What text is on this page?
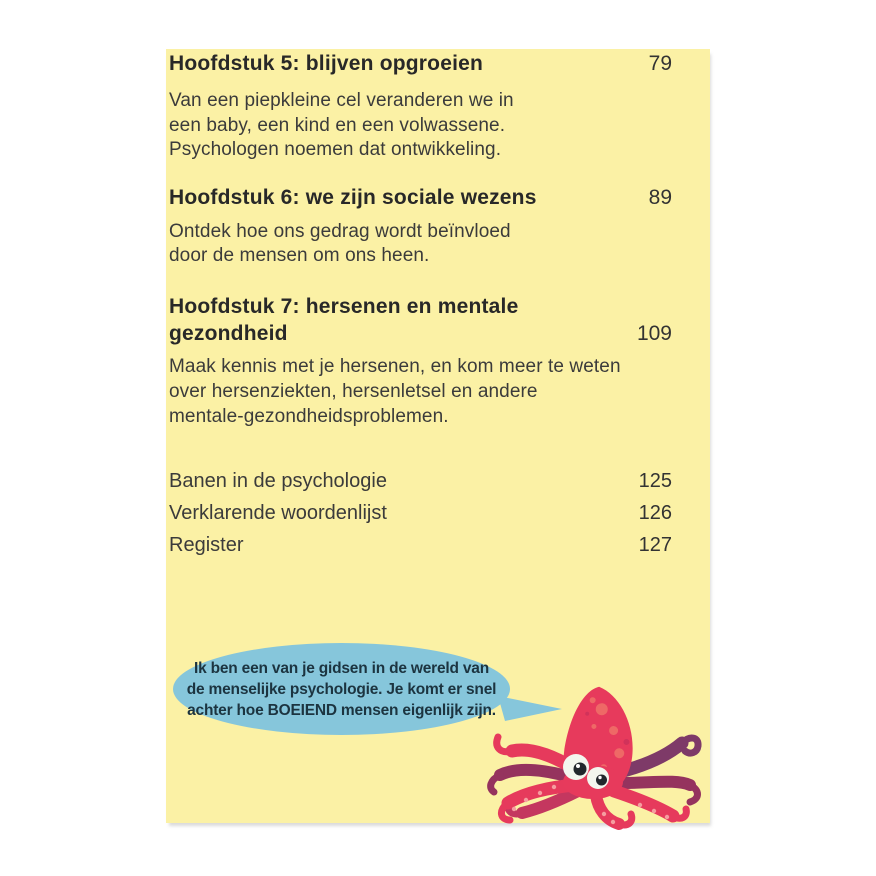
Hoofdstuk 5: blijven opgroeien	79

Van een piepkleine cel veranderen we in
een baby, een kind en een volwassene.
Psychologen noemen dat ontwikkeling.

Hoofdstuk 6: we zijn sociale wezens	89

Ontdek hoe ons gedrag wordt beïnvloed
door de mensen om ons heen.

Hoofdstuk 7: hersenen en mentale gezondheid	109

Maak kennis met je hersenen, en kom meer te weten
over hersenziekten, hersenletsel en andere
mentale-gezondheidsproblemen.

Banen in de psychologie	125
Verklarende woordenlijst	126
Register	127
Ik ben een van je gidsen in de wereld van
de menselijke psychologie. Je komt er snel
achter hoe BOEIEND mensen eigenlijk zijn.
